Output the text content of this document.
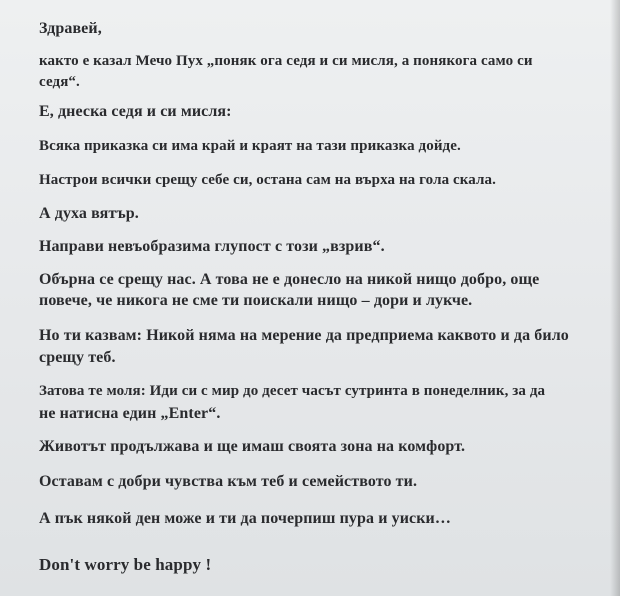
Здравей,
както е казал Мечо Пух „поняк ога седя и си мисля, а понякога само си
седя“.
Е, днеска седя и си мисля:
Всяка приказка си има край и краят на тази приказка дойде.
Настрои всички срещу себе си, остана сам на върха на гола скала.
А духа вятър.
Направи невъобразима глупост с този „взрив“.
Обърна се срещу нас. А това не е донесло на никой нищо добро, още
повече, че никога не сме ти поискали нищо – дори и лукче.
Но ти казвам: Никой няма на мерение да предприема каквото и да било
срещу теб.
Затова те моля: Иди си с мир до десет часът сутринта в понеделник, за да
не натисна един „Enter“.
Животът продължава и ще имаш своята зона на комфорт.
Оставам с добри чувства към теб и семейството ти.
А пък някой ден може и ти да почерпиш пура и уиски…
Don't worry be happy !
